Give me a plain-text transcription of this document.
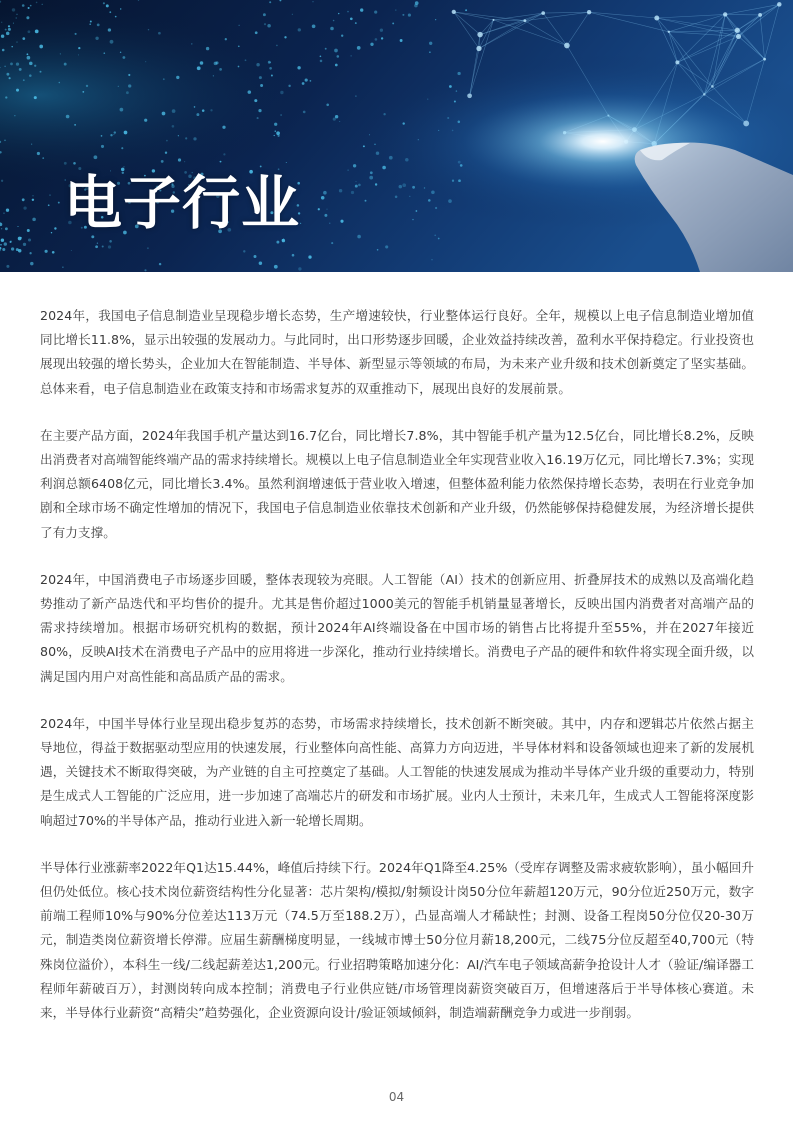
电子行业

2024年，我国电子信息制造业呈现稳步增长态势，生产增速较快，行业整体运行良好。全年，规模以上电子信息制造业增加值同比增长11.8%，显示出较强的发展动力。与此同时，出口形势逐步回暖，企业效益持续改善，盈利水平保持稳定。行业投资也展现出较强的增长势头，企业加大在智能制造、半导体、新型显示等领域的布局，为未来产业升级和技术创新奠定了坚实基础。总体来看，电子信息制造业在政策支持和市场需求复苏的双重推动下，展现出良好的发展前景。

在主要产品方面，2024年我国手机产量达到16.7亿台，同比增长7.8%，其中智能手机产量为12.5亿台，同比增长8.2%，反映出消费者对高端智能终端产品的需求持续增长。规模以上电子信息制造业全年实现营业收入16.19万亿元，同比增长7.3%；实现利润总额6408亿元，同比增长3.4%。虽然利润增速低于营业收入增速，但整体盈利能力依然保持增长态势，表明在行业竞争加剧和全球市场不确定性增加的情况下，我国电子信息制造业依靠技术创新和产业升级，仍然能够保持稳健发展，为经济增长提供了有力支撑。

2024年，中国消费电子市场逐步回暖，整体表现较为亮眼。人工智能（AI）技术的创新应用、折叠屏技术的成熟以及高端化趋势推动了新产品迭代和平均售价的提升。尤其是售价超过1000美元的智能手机销量显著增长，反映出国内消费者对高端产品的需求持续增加。根据市场研究机构的数据，预计2024年AI终端设备在中国市场的销售占比将提升至55%，并在2027年接近80%，反映AI技术在消费电子产品中的应用将进一步深化，推动行业持续增长。消费电子产品的硬件和软件将实现全面升级，以满足国内用户对高性能和高品质产品的需求。

2024年，中国半导体行业呈现出稳步复苏的态势，市场需求持续增长，技术创新不断突破。其中，内存和逻辑芯片依然占据主导地位，得益于数据驱动型应用的快速发展，行业整体向高性能、高算力方向迈进，半导体材料和设备领域也迎来了新的发展机遇，关键技术不断取得突破，为产业链的自主可控奠定了基础。人工智能的快速发展成为推动半导体产业升级的重要动力，特别是生成式人工智能的广泛应用，进一步加速了高端芯片的研发和市场扩展。业内人士预计，未来几年，生成式人工智能将深度影响超过70%的半导体产品，推动行业进入新一轮增长周期。

半导体行业涨薪率2022年Q1达15.44%，峰值后持续下行。2024年Q1降至4.25%（受库存调整及需求疲软影响），虽小幅回升但仍处低位。核心技术岗位薪资结构性分化显著：芯片架构/模拟/射频设计岗50分位年薪超120万元，90分位近250万元，数字前端工程师10%与90%分位差达113万元（74.5万至188.2万），凸显高端人才稀缺性；封测、设备工程岗50分位仅20-30万元，制造类岗位薪资增长停滞。应届生薪酬梯度明显，一线城市博士50分位月薪18,200元，二线75分位反超至40,700元（特殊岗位溢价），本科生一线/二线起薪差达1,200元。行业招聘策略加速分化：AI/汽车电子领域高薪争抢设计人才（验证/编译器工程师年薪破百万），封测岗转向成本控制；消费电子行业供应链/市场管理岗薪资突破百万，但增速落后于半导体核心赛道。未来，半导体行业薪资“高精尖”趋势强化，企业资源向设计/验证领域倾斜，制造端薪酬竞争力或进一步削弱。

04
